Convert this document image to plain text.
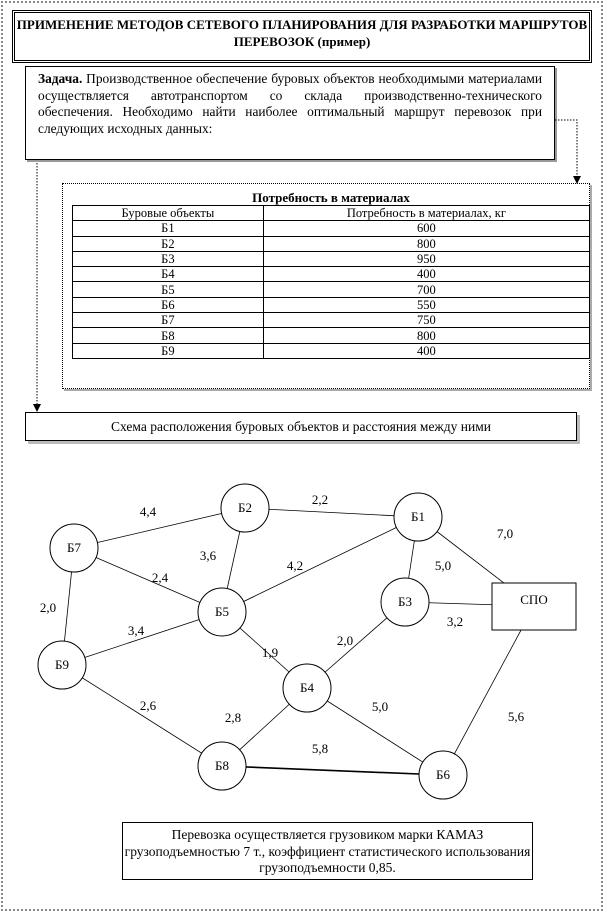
ПРИМЕНЕНИЕ МЕТОДОВ СЕТЕВОГО ПЛАНИРОВАНИЯ ДЛЯ РАЗРАБОТКИ МАРШРУТОВ ПЕРЕВОЗОК (пример)
Задача. Производственное обеспечение буровых объектов необходимыми материалами осуществляется автотранспортом со склада производственно-технического обеспечения. Необходимо найти наиболее оптимальный маршрут перевозок при следующих исходных данных:
Потребность в материалах
Буровые объекты	Потребность в материалах, кг
Б1	600
Б2	800
Б3	950
Б4	400
Б5	700
Б6	550
Б7	750
Б8	800
Б9	400
Схема расположения буровых объектов и расстояния между ними
Б1
Б2
Б3
Б4
Б5
Б6
Б7
Б8
Б9
СПО
4,4
2,2
7,0
3,6
2,4
4,2	5,0
2,0
3,4
3,2
2,0
1,9
2,6
2,8
5,0
5,6
5,8
Перевозка осуществляется грузовиком марки КАМАЗ грузоподъемностью 7 т., коэффициент статистического использования грузоподъемности 0,85.
